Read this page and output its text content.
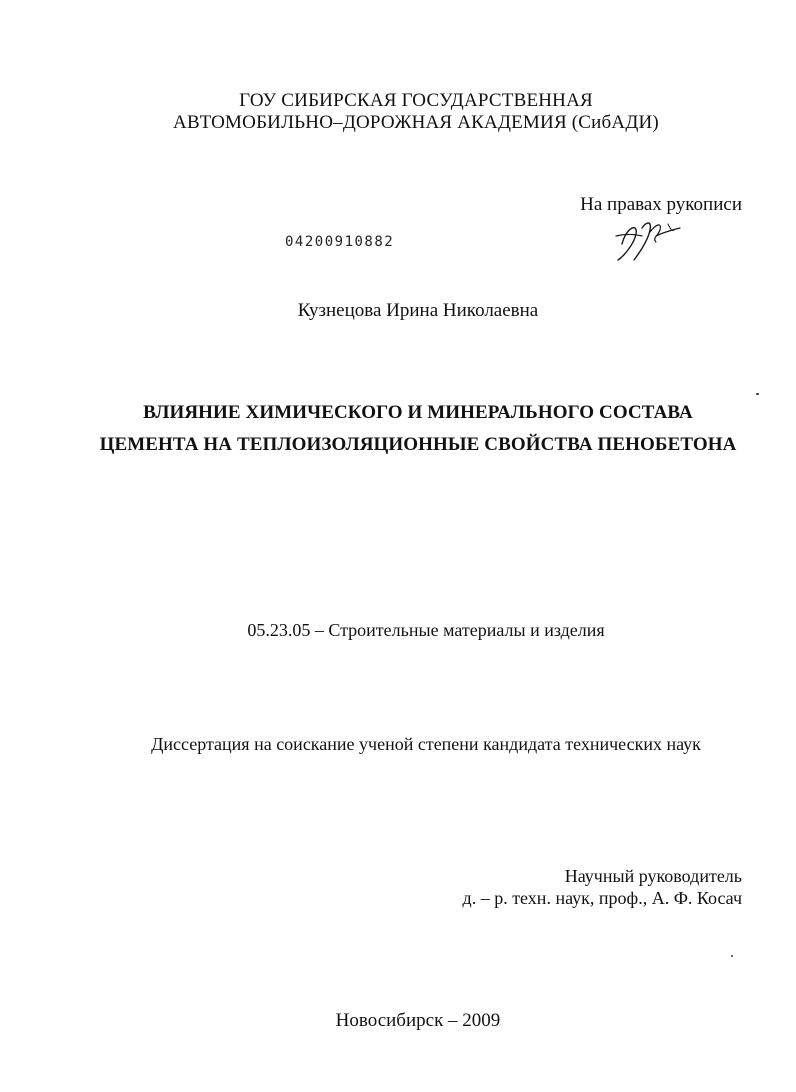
ГОУ СИБИРСКАЯ ГОСУДАРСТВЕННАЯ
АВТОМОБИЛЬНО–ДОРОЖНАЯ АКАДЕМИЯ (СибАДИ)
На правах рукописи
04200910882
Кузнецова Ирина Николаевна
ВЛИЯНИЕ ХИМИЧЕСКОГО И МИНЕРАЛЬНОГО СОСТАВА
ЦЕМЕНТА НА ТЕПЛОИЗОЛЯЦИОННЫЕ СВОЙСТВА ПЕНОБЕТОНА
05.23.05 – Строительные материалы и изделия
Диссертация на соискание ученой степени кандидата технических наук
Научный руководитель
д. – р. техн. наук, проф., А. Ф. Косач
Новосибирск – 2009
